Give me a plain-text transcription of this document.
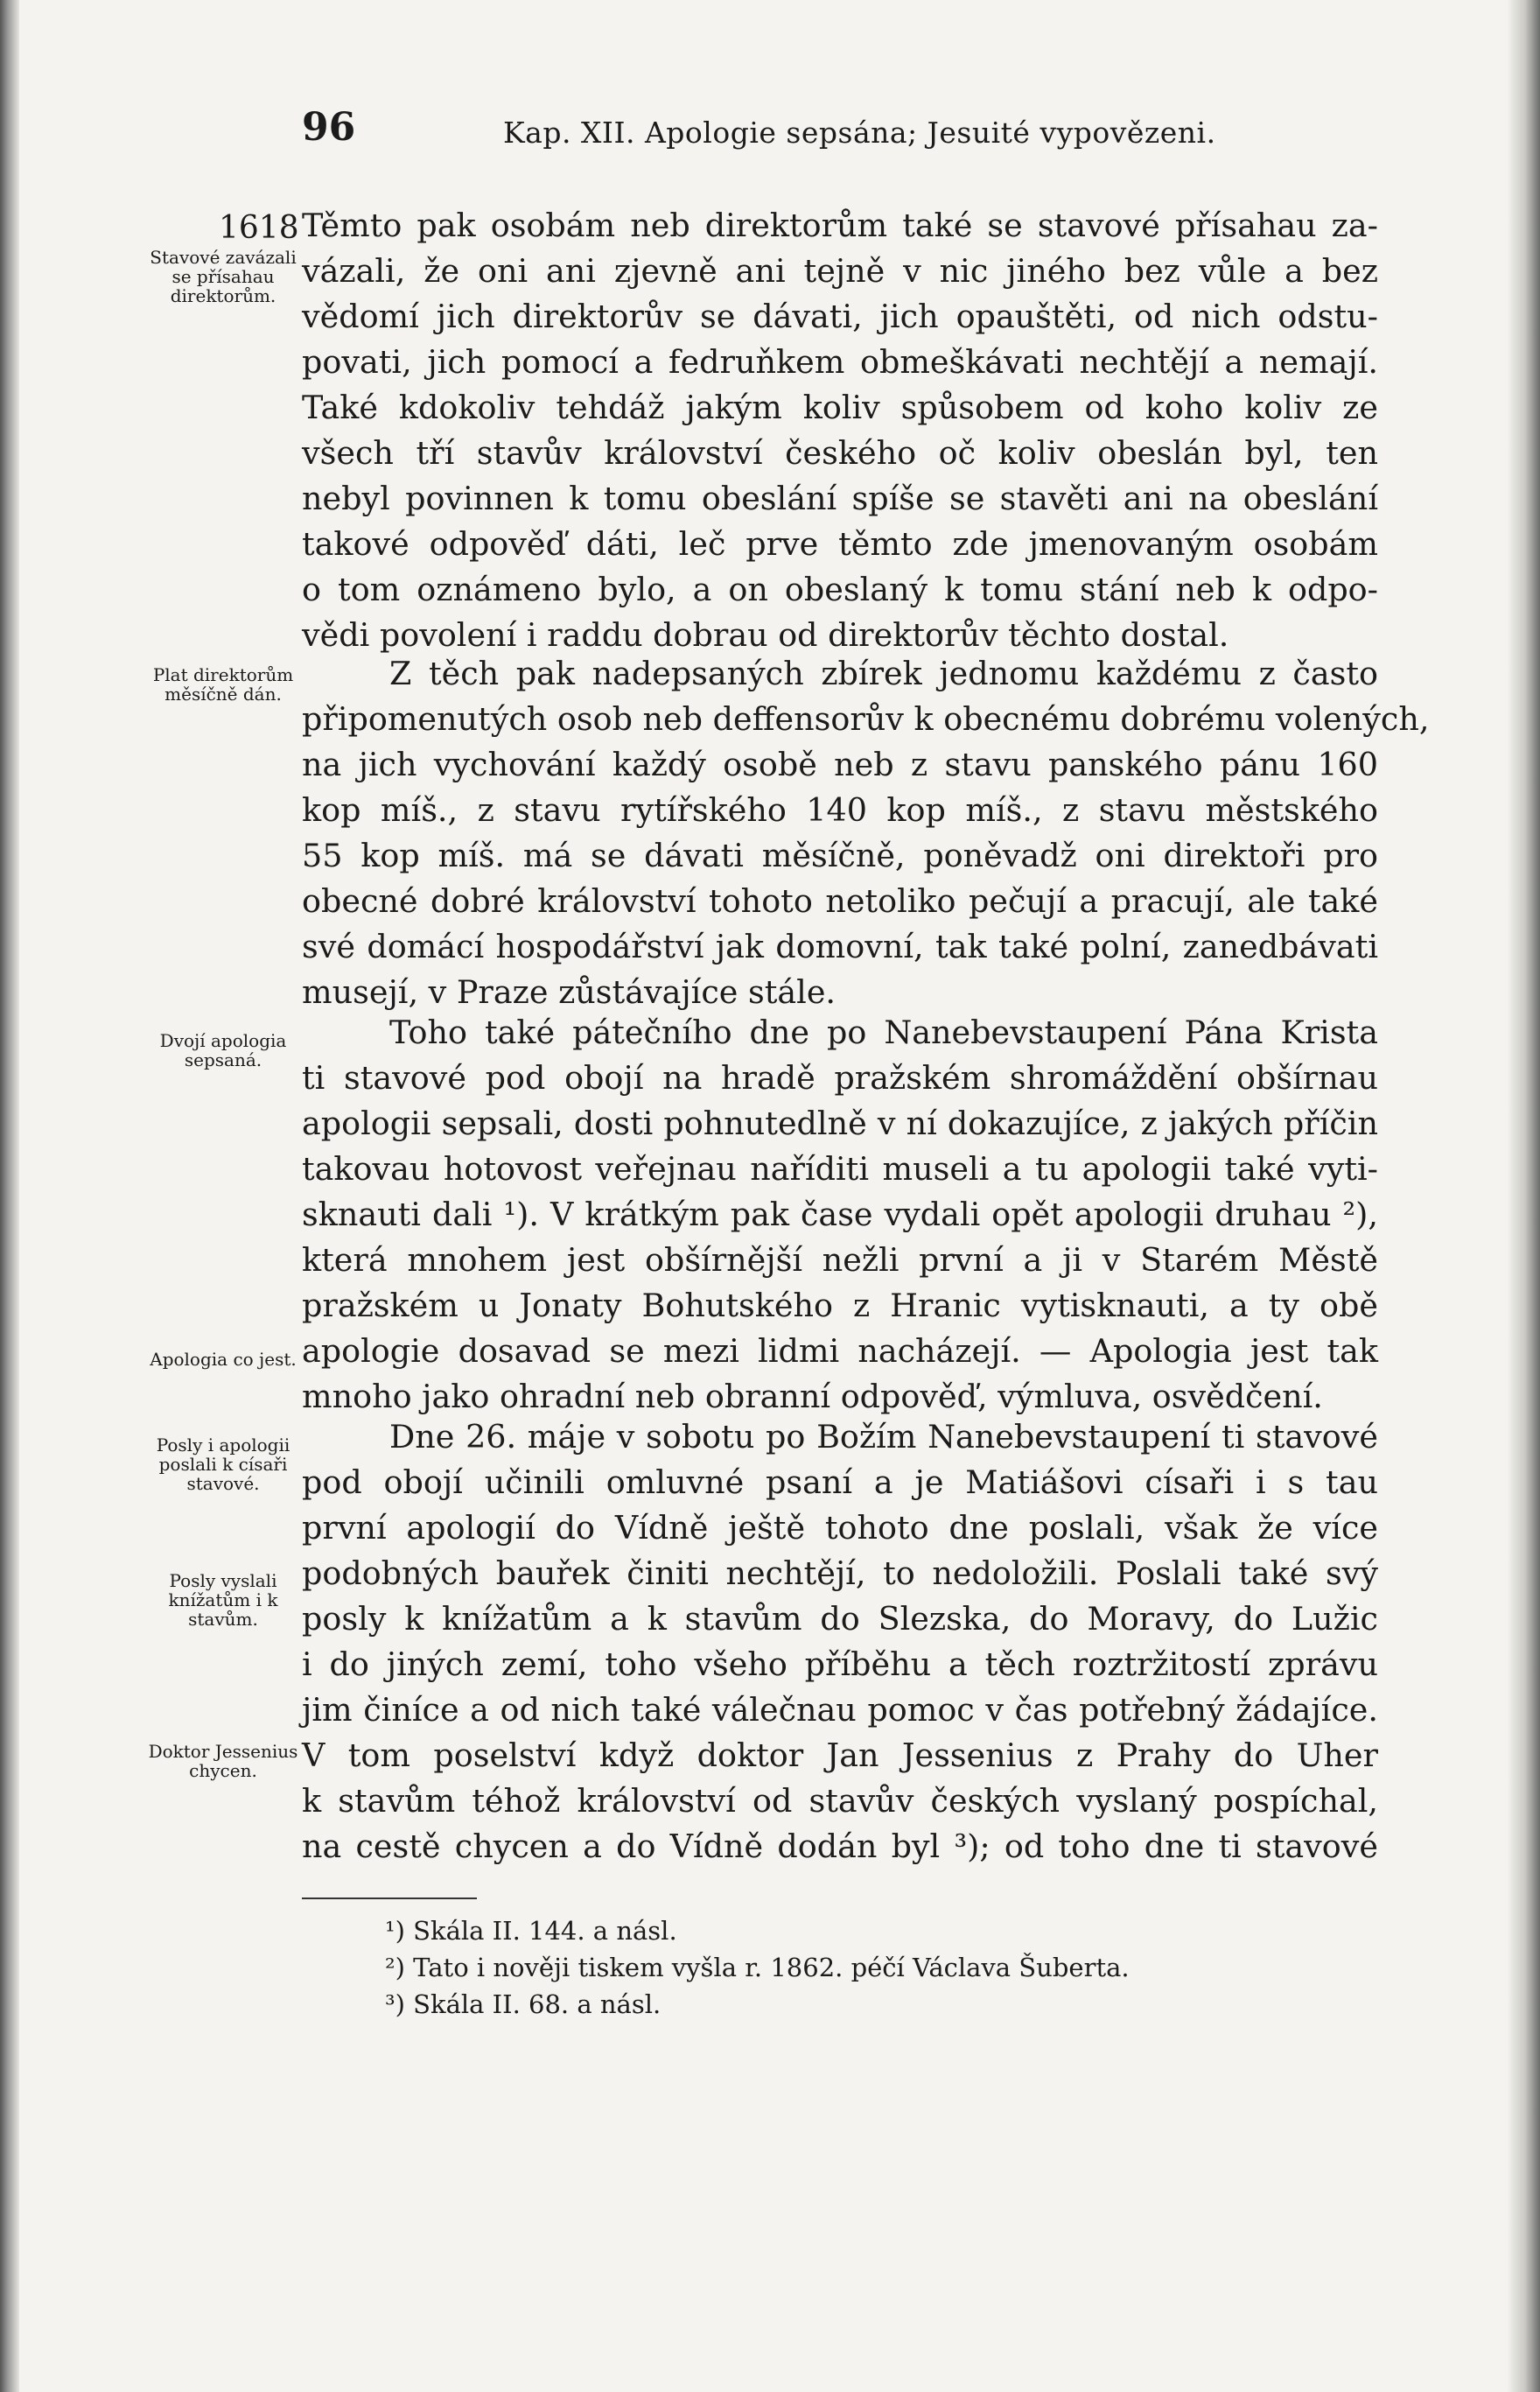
96	Kap. XII. Apologie sepsána; Jesuité vypovězeni.
1618
Stavové zavázali se přísahau direktorům.
Plat direktorům měsíčně dán.
Dvojí apologia sepsaná.
Apologia co jest.
Posly i apologii poslali k císaři stavové.
Posly vyslali knížatům i k stavům.
Doktor Jessenius chycen.
Těmto pak osobám neb direktorům také se stavové přísahau za-
vázali, že oni ani zjevně ani tejně v nic jiného bez vůle a bez
vědomí jich direktorův se dávati, jich opauštěti, od nich odstu-
povati, jich pomocí a fedruňkem obmeškávati nechtějí a nemají.
Také kdokoliv tehdáž jakým koliv spůsobem od koho koliv ze
všech tří stavův království českého oč koliv obeslán byl, ten
nebyl povinnen k tomu obeslání spíše se stavěti ani na obeslání
takové odpověď dáti, leč prve těmto zde jmenovaným osobám
o tom oznámeno bylo, a on obeslaný k tomu stání neb k odpo-
vědi povolení i raddu dobrau od direktorův těchto dostal.
Z těch pak nadepsaných zbírek jednomu každému z často
připomenutých osob neb deffensorův k obecnému dobrému volených,
na jich vychování každý osobě neb z stavu panského pánu 160
kop míš., z stavu rytířského 140 kop míš., z stavu městského
55 kop míš. má se dávati měsíčně, poněvadž oni direktoři pro
obecné dobré království tohoto netoliko pečují a pracují, ale také
své domácí hospodářství jak domovní, tak také polní, zanedbávati
musejí, v Praze zůstávajíce stále.
Toho také pátečního dne po Nanebevstaupení Pána Krista
ti stavové pod obojí na hradě pražském shromáždění obšírnau
apologii sepsali, dosti pohnutedlně v ní dokazujíce, z jakých příčin
takovau hotovost veřejnau naříditi museli a tu apologii také vyti-
sknauti dali ¹). V krátkým pak čase vydali opět apologii druhau ²),
která mnohem jest obšírnější nežli první a ji v Starém Městě
pražském u Jonaty Bohutského z Hranic vytisknauti, a ty obě
apologie dosavad se mezi lidmi nacházejí. — Apologia jest tak
mnoho jako ohradní neb obranní odpověď, výmluva, osvědčení.
Dne 26. máje v sobotu po Božím Nanebevstaupení ti stavové
pod obojí učinili omluvné psaní a je Matiášovi císaři i s tau
první apologií do Vídně ještě tohoto dne poslali, však že více
podobných bauřek činiti nechtějí, to nedoložili. Poslali také svý
posly k knížatům a k stavům do Slezska, do Moravy, do Lužic
i do jiných zemí, toho všeho příběhu a těch roztržitostí zprávu
jim činíce a od nich také válečnau pomoc v čas potřebný žádajíce.
V tom poselství když doktor Jan Jessenius z Prahy do Uher
k stavům téhož království od stavův českých vyslaný pospíchal,
na cestě chycen a do Vídně dodán byl ³); od toho dne ti stavové
¹) Skála II. 144. a násl.
²) Tato i nověji tiskem vyšla r. 1862. péčí Václava Šuberta.
³) Skála II. 68. a násl.
